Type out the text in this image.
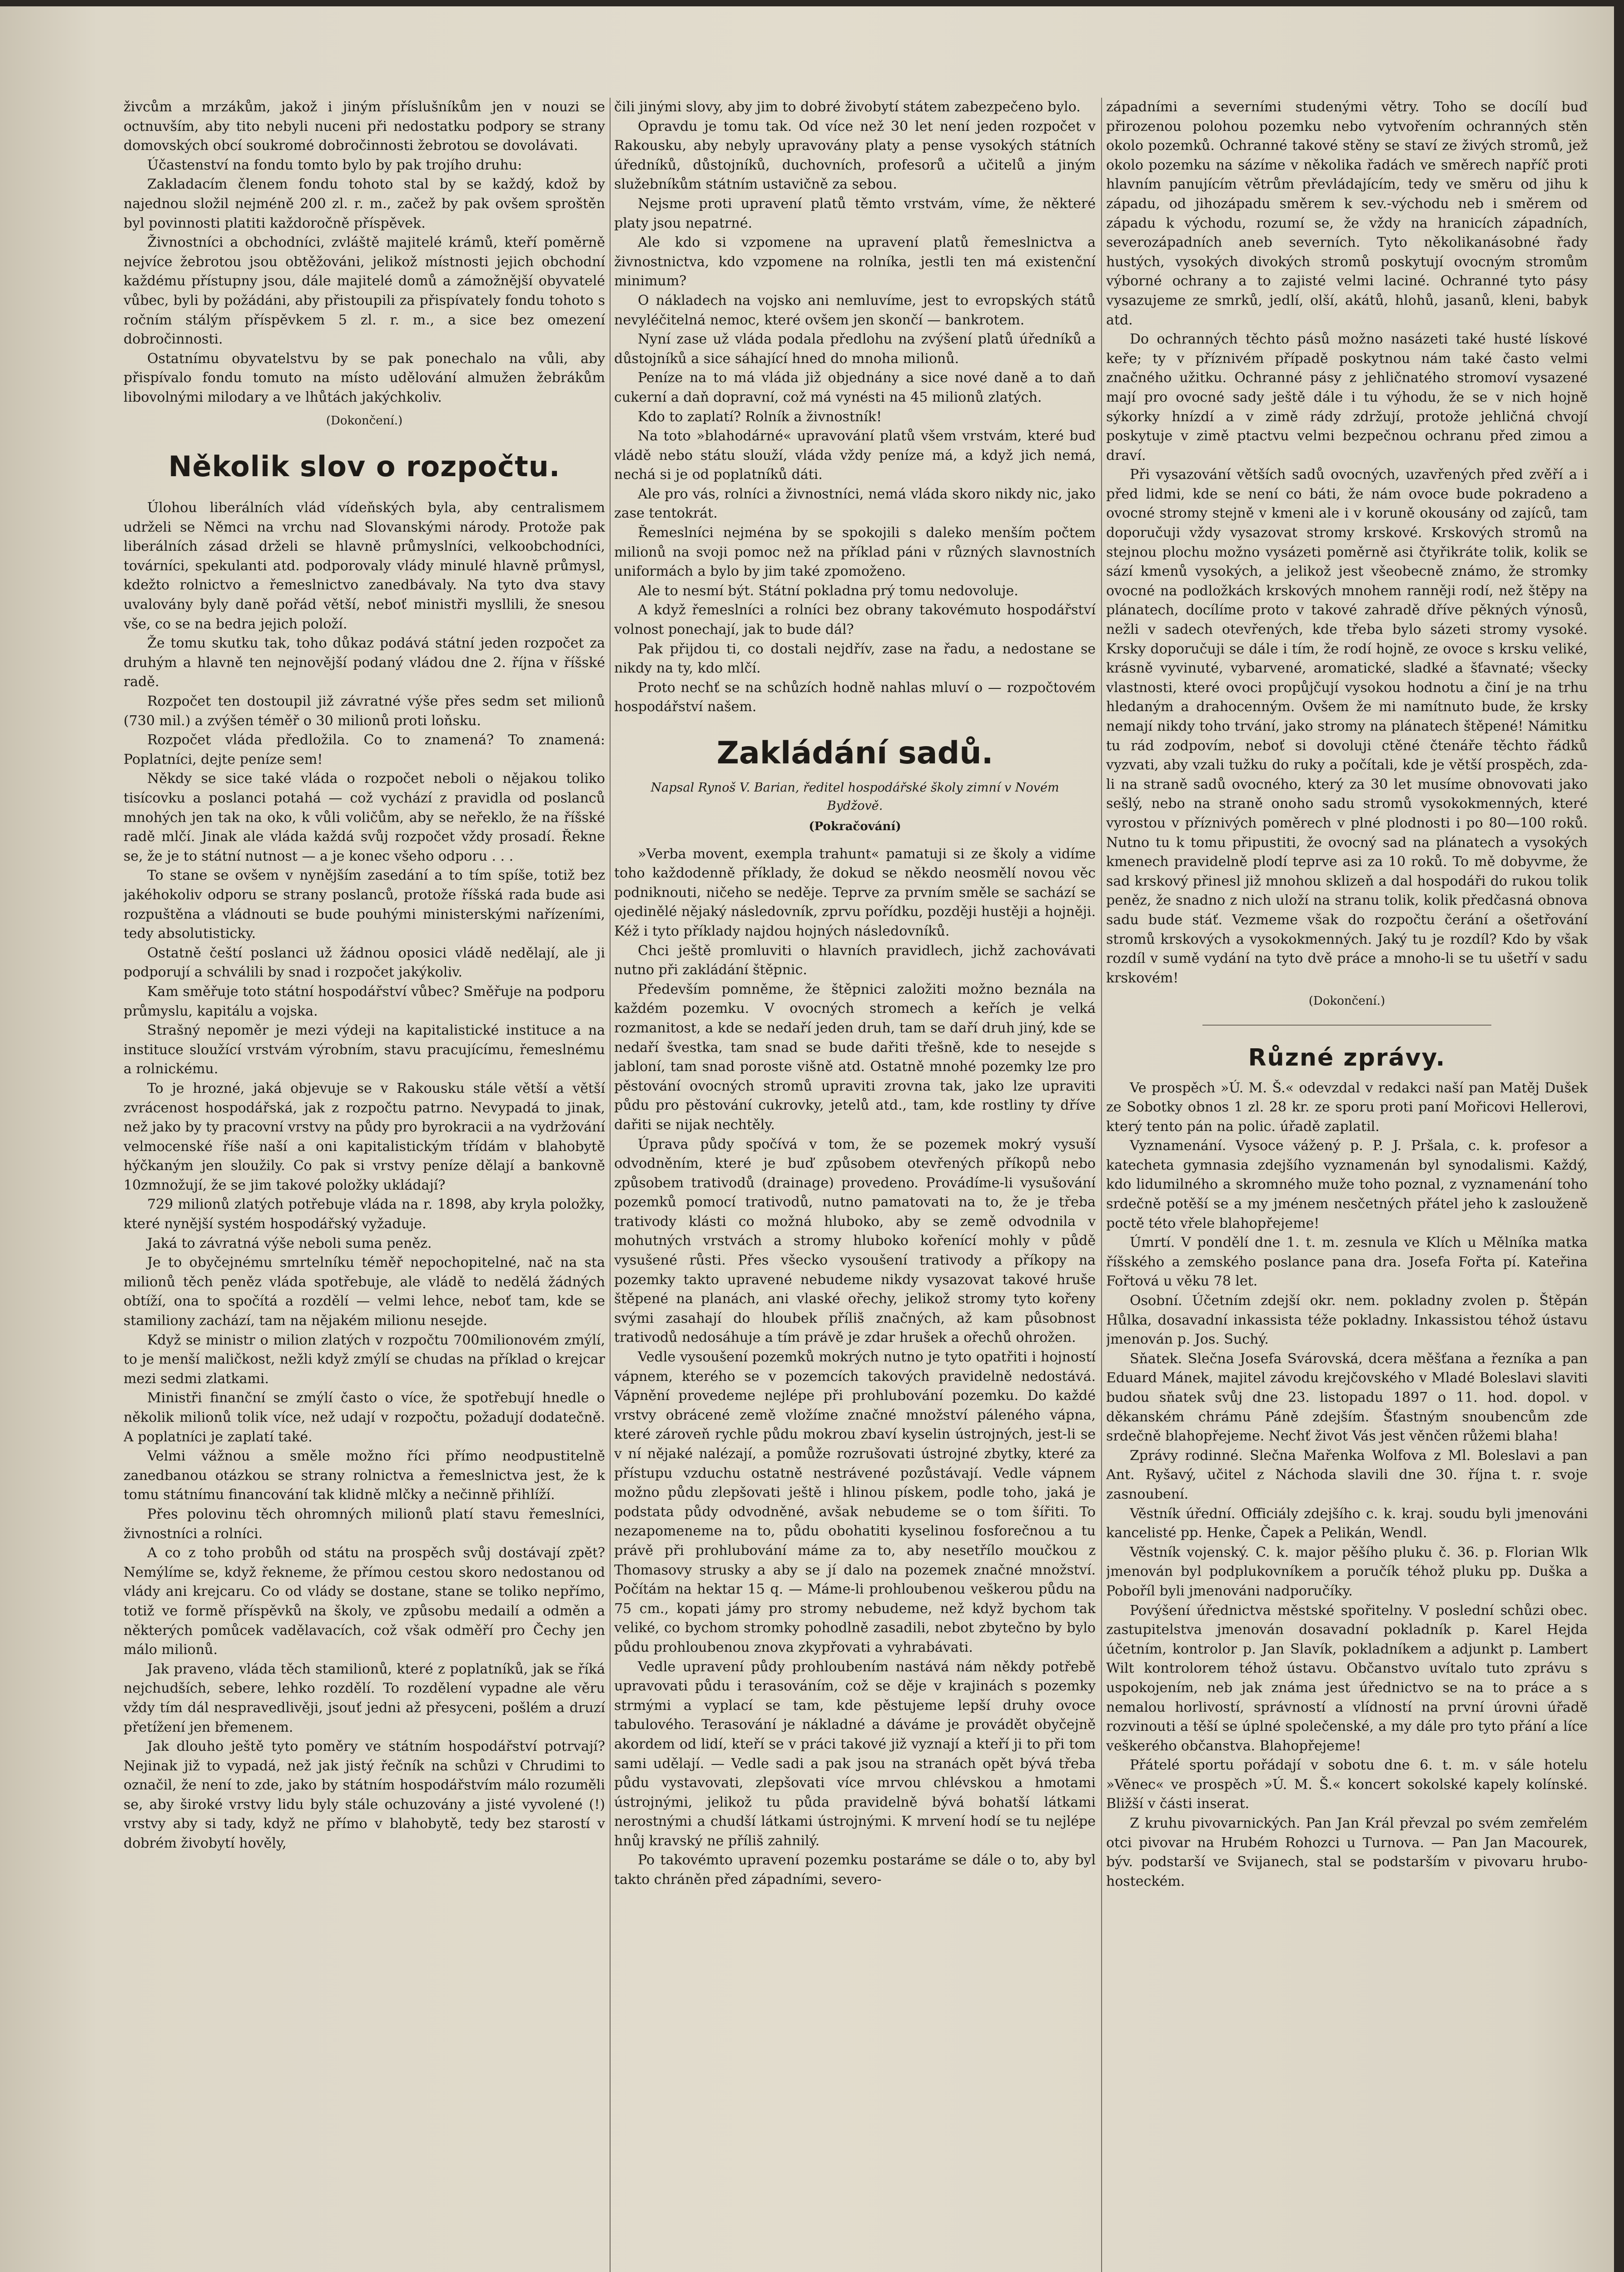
živcům a mrzákům, jakož i jiným příslušníkům jen v nouzi se octnuvším, aby tito nebyli nuceni při nedostatku podpory se strany domovských obcí soukromé dobročinnosti žebrotou se dovolávati.

Účastenství na fondu tomto bylo by pak trojího druhu:

Zakladacím členem fondu tohoto stal by se každý, kdož by najednou složil nejméně 200 zl. r. m., začež by pak ovšem sproštěn byl povinnosti platiti každoročně příspěvek.

Živnostníci a obchodníci, zvláště majitelé krámů, kteří poměrně nejvíce žebrotou jsou obtěžováni, jelikož místnosti jejich obchodní každému přístupny jsou, dále majitelé domů a zámožnější obyvatelé vůbec, byli by požádáni, aby přistoupili za přispívately fondu tohoto s ročním stálým příspěvkem 5 zl. r. m., a sice bez omezení dobročinnosti.

Ostatnímu obyvatelstvu by se pak ponechalo na vůli, aby přispívalo fondu tomuto na místo udělování almužen žebrákům libovolnými milodary a ve lhůtách jakýchkoliv.

(Dokončení.)
Několik slov o rozpočtu.

Úlohou liberálních vlád vídeňských byla, aby centralismem udrželi se Němci na vrchu nad Slovanskými národy. Protože pak liberálních zásad drželi se hlavně průmyslníci, velkoobchodníci, továrníci, spekulanti atd. podporovaly vlády minulé hlavně průmysl, kdežto rolnictvo a řemeslnictvo zanedbávaly. Na tyto dva stavy uvalovány byly daně pořád větší, neboť ministři mysllili, že snesou vše, co se na bedra jejich položí.

Že tomu skutku tak, toho důkaz podává státní jeden rozpočet za druhým a hlavně ten nejnovější podaný vládou dne 2. října v říšské radě.

Rozpočet ten dostoupil již závratné výše přes sedm set milionů (730 mil.) a zvýšen téměř o 30 milionů proti loňsku.

Rozpočet vláda předložila. Co to znamená? To znamená: Poplatníci, dejte peníze sem!

Někdy se sice také vláda o rozpočet neboli o nějakou toliko tisícovku a poslanci potahá — což vychází z pravidla od poslanců mnohých jen tak na oko, k vůli voličům, aby se neřeklo, že na říšské radě mlčí. Jinak ale vláda každá svůj rozpočet vždy prosadí. Řekne se, že je to státní nutnost — a je konec všeho odporu . . .

To stane se ovšem v nynějším zasedání a to tím spíše, totiž bez jakéhokoliv odporu se strany poslanců, protože říšská rada bude asi rozpuštěna a vládnouti se bude pouhými ministerskými nařízeními, tedy absolutisticky.

Ostatně čeští poslanci už žádnou oposici vládě nedělají, ale ji podporují a schválili by snad i rozpočet jakýkoliv.

Kam směřuje toto státní hospodářství vůbec? Směřuje na podporu průmyslu, kapitálu a vojska.

Strašný nepoměr je mezi výdeji na kapitalistické instituce a na instituce sloužící vrstvám výrobním, stavu pracujícímu, řemeslnému a rolnickému.

To je hrozné, jaká objevuje se v Rakousku stále větší a větší zvrácenost hospodářská, jak z rozpočtu patrno. Nevypadá to jinak, než jako by ty pracovní vrstvy na půdy pro byrokracii a na vydržování velmocenské říše naší a oni kapitalistickým třídám v blahobytě hýčkaným jen sloužily. Co pak si vrstvy peníze dělají a bankovně 10zmnožují, že se jim takové položky ukládají?

729 milionů zlatých potřebuje vláda na r. 1898, aby kryla položky, které nynější systém hospodářský vyžaduje.

Jaká to závratná výše neboli suma peněz.

Je to obyčejnému smrtelníku téměř nepochopitelné, nač na sta milionů těch peněz vláda spotřebuje, ale vládě to nedělá žádných obtíží, ona to spočítá a rozdělí — velmi lehce, neboť tam, kde se stamiliony zachází, tam na nějakém milionu nesejde.

Když se ministr o milion zlatých v rozpočtu 700milionovém zmýlí, to je menší maličkost, nežli když zmýlí se chudas na příklad o krejcar mezi sedmi zlatkami.

Ministři finanční se zmýlí často o více, že spotřebují hnedle o několik milionů tolik více, než udají v rozpočtu, požadují dodatečně. A poplatníci je zaplatí také.

Velmi vážnou a směle možno říci přímo neodpustitelně zanedbanou otázkou se strany rolnictva a řemeslnictva jest, že k tomu státnímu financování tak klidně mlčky a nečinně přihlíží.

Přes polovinu těch ohromných milionů platí stavu řemeslníci, živnostníci a rolníci.

A co z toho probůh od státu na prospěch svůj dostávají zpět? Nemýlíme se, když řekneme, že přímou cestou skoro nedostanou od vlády ani krejcaru. Co od vlády se dostane, stane se toliko nepřímo, totiž ve formě příspěvků na školy, ve způsobu medailí a odměn a některých pomůcek vadělavacích, což však odměří pro Čechy jen málo milionů.

Jak praveno, vláda těch stamilionů, které z poplatníků, jak se říká nejchudších, sebere, lehko rozdělí. To rozdělení vypadne ale věru vždy tím dál nespravedlivěji, jsouť jedni až přesyceni, pošlém a druzí přetížení jen břemenem.

Jak dlouho ještě tyto poměry ve státním hospodářství potrvají? Nejinak již to vypadá, než jak jistý řečník na schůzi v Chrudimi to označil, že není to zde, jako by státním hospodářstvím málo rozuměli se, aby široké vrstvy lidu byly stále ochuzovány a jisté vyvolené (!) vrstvy aby si tady, když ne přímo v blahobytě, tedy bez starostí v dobrém živobytí hověly,

čili jinými slovy, aby jim to dobré živobytí státem zabezpečeno bylo.

Opravdu je tomu tak. Od více než 30 let není jeden rozpočet v Rakousku, aby nebyly upravovány platy a pense vysokých státních úředníků, důstojníků, duchovních, profesorů a učitelů a jiným služebníkům státním ustavičně za sebou.

Nejsme proti upravení platů těmto vrstvám, víme, že některé platy jsou nepatrné.

Ale kdo si vzpomene na upravení platů řemeslnictva a živnostnictva, kdo vzpomene na rolníka, jestli ten má existenční minimum?

O nákladech na vojsko ani nemluvíme, jest to evropských států nevyléčitelná nemoc, které ovšem jen skončí — bankrotem.

Nyní zase už vláda podala předlohu na zvýšení platů úředníků a důstojníků a sice sáhající hned do mnoha milionů.

Peníze na to má vláda již objednány a sice nové daně a to daň cukerní a daň dopravní, což má vynésti na 45 milionů zlatých.

Kdo to zaplatí? Rolník a živnostník!

Na toto »blahodárné« upravování platů všem vrstvám, které buď vládě nebo státu slouží, vláda vždy peníze má, a když jich nemá, nechá si je od poplatníků dáti.

Ale pro vás, rolníci a živnostníci, nemá vláda skoro nikdy nic, jako zase tentokrát.

Řemeslníci nejména by se spokojili s daleko menším počtem milionů na svoji pomoc než na příklad páni v různých slavnostních uniformách a bylo by jim také zpomoženo.

Ale to nesmí být. Státní pokladna prý tomu nedovoluje.

A když řemeslníci a rolníci bez obrany takovémuto hospodářství volnost ponechají, jak to bude dál?

Pak přijdou ti, co dostali nejdřív, zase na řadu, a nedostane se nikdy na ty, kdo mlčí.

Proto nechť se na schůzích hodně nahlas mluví o — rozpočtovém hospodářství našem.

Zakládání sadů.
Napsal Rynoš V. Barian, ředitel hospodářské školy zimní v Novém Bydžově.
(Pokračování)

»Verba movent, exempla trahunt« pamatuji si ze školy a vidíme toho každodenně příklady, že dokud se někdo neosmělí novou věc podniknouti, ničeho se neděje. Teprve za prvním směle se sachází se ojedinělé nějaký následovník, zprvu pořídku, později hustěji a hojněji. Kéž i tyto příklady najdou hojných následovníků.

Chci ještě promluviti o hlavních pravidlech, jichž zachovávati nutno při zakládání štěpnic.

Především pomněme, že štěpnici založiti možno beznála na každém pozemku. V ovocných stromech a keřích je velká rozmanitost, a kde se nedaří jeden druh, tam se daří druh jiný, kde se nedaří švestka, tam snad se bude dařiti třešně, kde to nesejde s jabloní, tam snad poroste višně atd. Ostatně mnohé pozemky lze pro pěstování ovocných stromů upraviti zrovna tak, jako lze upraviti půdu pro pěstování cukrovky, jetelů atd., tam, kde rostliny ty dříve dařiti se nijak nechtěly.

Úprava půdy spočívá v tom, že se pozemek mokrý vysuší odvodněním, které je buď způsobem otevřených příkopů nebo způsobem trativodů (drainage) provedeno. Provádíme-li vysušování pozemků pomocí trativodů, nutno pamatovati na to, že je třeba trativody klásti co možná hluboko, aby se země odvodnila v mohutných vrstvách a stromy hluboko kořenící mohly v půdě vysušené růsti. Přes všecko vysoušení trativody a příkopy na pozemky takto upravené nebudeme nikdy vysazovat takové hruše štěpené na planách, ani vlaské ořechy, jelikož stromy tyto kořeny svými zasahají do hloubek příliš značných, až kam působnost trativodů nedosáhuje a tím právě je zdar hrušek a ořechů ohrožen.

Vedle vysoušení pozemků mokrých nutno je tyto opatřiti i hojností vápnem, kterého se v pozemcích takových pravidelně nedostává. Vápnění provedeme nejlépe při prohlubování pozemku. Do každé vrstvy obrácené země vložíme značné množství páleného vápna, které zároveň rychle půdu mokrou zbaví kyselin ústrojných, jest-li se v ní nějaké nalézají, a pomůže rozrušovati ústrojné zbytky, které za přístupu vzduchu ostatně nestrávené pozůstávají. Vedle vápnem možno půdu zlepšovati ještě i hlinou pískem, podle toho, jaká je podstata půdy odvodněné, avšak nebudeme se o tom šířiti. To nezapomeneme na to, půdu obohatiti kyselinou fosforečnou a tu právě při prohlubování máme za to, aby nesetřílo moučkou z Thomasovy strusky a aby se jí dalo na pozemek značné množství. Počítám na hektar 15 q. — Máme-li prohloubenou veškerou půdu na 75 cm., kopati jámy pro stromy nebudeme, než když bychom tak veliké, co bychom stromky pohodlně zasadili, nebot zbytečno by bylo půdu prohloubenou znova zkypřovati a vyhrabávati.

Vedle upravení půdy prohloubením nastává nám někdy potřebě upravovati půdu i terasováním, což se děje v krajinách s pozemky strmými a vyplací se tam, kde pěstujeme lepší druhy ovoce tabulového. Terasování je nákladné a dáváme je provádět obyčejně akordem od lidí, kteří se v práci takové již vyznají a kteří ji to při tom sami udělají. — Vedle sadi a pak jsou na stranách opět bývá třeba půdu vystavovati, zlepšovati více mrvou chlévskou a hmotami ústrojnými, jelikož tu půda pravidelně bývá bohatší látkami nerostnými a chudší látkami ústrojnými. K mrvení hodí se tu nejlépe hnůj kravský ne příliš zahnilý.

Po takovémto upravení pozemku postaráme se dále o to, aby byl takto chráněn před západními, severo-

západními a severními studenými větry. Toho se docílí buď přirozenou polohou pozemku nebo vytvořením ochranných stěn okolo pozemků. Ochranné takové stěny se staví ze živých stromů, jež okolo pozemku na sázíme v několika řadách ve směrech napříč proti hlavním panujícím větrům převládajícím, tedy ve směru od jihu k západu, od jihozápadu směrem k sev.-východu neb i směrem od západu k východu, rozumí se, že vždy na hranicích západních, severozápadních aneb severních. Tyto několikanásobné řady hustých, vysokých divokých stromů poskytují ovocným stromům výborné ochrany a to zajisté velmi laciné. Ochranné tyto pásy vysazujeme ze smrků, jedlí, olší, akátů, hlohů, jasanů, kleni, babyk atd.

Do ochranných těchto pásů možno nasázeti také husté lískové keře; ty v příznivém případě poskytnou nám také často velmi značného užitku. Ochranné pásy z jehličnatého stromoví vysazené mají pro ovocné sady ještě dále i tu výhodu, že se v nich hojně sýkorky hnízdí a v zimě rády zdržují, protože jehličná chvojí poskytuje v zimě ptactvu velmi bezpečnou ochranu před zimou a draví.

Při vysazování větších sadů ovocných, uzavřených před zvěří a i před lidmi, kde se není co báti, že nám ovoce bude pokradeno a ovocné stromy stejně v kmeni ale i v koruně okousány od zajíců, tam doporučuji vždy vysazovat stromy krskové. Krskových stromů na stejnou plochu možno vysázeti poměrně asi čtyřikráte tolik, kolik se sází kmenů vysokých, a jelikož jest všeobecně známo, že stromky ovocné na podložkách krskových mnohem ranněji rodí, než štěpy na plánatech, docílíme proto v takové zahradě dříve pěkných výnosů, nežli v sadech otevřených, kde třeba bylo sázeti stromy vysoké. Krsky doporučuji se dále i tím, že rodí hojně, ze ovoce s krsku veliké, krásně vyvinuté, vybarvené, aromatické, sladké a šťavnaté; všecky vlastnosti, které ovoci propůjčují vysokou hodnotu a činí je na trhu hledaným a drahocenným. Ovšem že mi namítnuto bude, že krsky nemají nikdy toho trvání, jako stromy na plánatech štěpené! Námitku tu rád zodpovím, neboť si dovoluji ctěné čtenáře těchto řádků vyzvati, aby vzali tužku do ruky a počítali, kde je větší prospěch, zda-li na straně sadů ovocného, který za 30 let musíme obnovovati jako sešlý, nebo na straně onoho sadu stromů vysokokmenných, které vyrostou v příznivých poměrech v plné plodnosti i po 80—100 roků. Nutno tu k tomu připustiti, že ovocný sad na plánatech a vysokých kmenech pravidelně plodí teprve asi za 10 roků. To mě dobyvme, že sad krskový přinesl již mnohou sklizeň a dal hospodáři do rukou tolik peněz, že snadno z nich uloží na stranu tolik, kolik předčasná obnova sadu bude stáť. Vezmeme však do rozpočtu čerání a ošetřování stromů krskových a vysokokmenných. Jaký tu je rozdíl? Kdo by však rozdíl v sumě vydání na tyto dvě práce a mnoho-li se tu ušetří v sadu krskovém!

(Dokončení.)
Různé zprávy.

Ve prospěch »Ú. M. Š.« odevzdal v redakci naší pan Matěj Dušek ze Sobotky obnos 1 zl. 28 kr. ze sporu proti paní Mořicovi Hellerovi, který tento pán na polic. úřadě zaplatil.

Vyznamenání. Vysoce vážený p. P. J. Pršala, c. k. profesor a katecheta gymnasia zdejšího vyznamenán byl synodalismi. Každý, kdo lidumilného a skromného muže toho poznal, z vyznamenání toho srdečně potěší se a my jménem nesčetných přátel jeho k zaslouženě poctě této vřele blahopřejeme!

Úmrtí. V pondělí dne 1. t. m. zesnula ve Klích u Mělníka matka říšského a zemského poslance pana dra. Josefa Fořta pí. Kateřina Fořtová u věku 78 let.

Osobní. Účetním zdejší okr. nem. pokladny zvolen p. Štěpán Hůlka, dosavadní inkassista téže pokladny. Inkassistou téhož ústavu jmenován p. Jos. Suchý.

Sňatek. Slečna Josefa Svárovská, dcera měšťana a řezníka a pan Eduard Mánek, majitel závodu krejčovského v Mladé Boleslavi slaviti budou sňatek svůj dne 23. listopadu 1897 o 11. hod. dopol. v děkanském chrámu Páně zdejším. Šťastným snoubencům zde srdečně blahopřejeme. Nechť život Vás jest věnčen růžemi blaha!

Zprávy rodinné. Slečna Mařenka Wolfova z Ml. Boleslavi a pan Ant. Ryšavý, učitel z Náchoda slavili dne 30. října t. r. svoje zasnoubení.

Věstník úřední. Officiály zdejšího c. k. kraj. soudu byli jmenováni kancelisté pp. Henke, Čapek a Pelikán, Wendl.

Věstník vojenský. C. k. major pěšího pluku č. 36. p. Florian Wlk jmenován byl podplukovníkem a poručík téhož pluku pp. Duška a Poboříl byli jmenováni nadporučíky.

Povýšení úřednictva městské spořitelny. V poslední schůzi obec. zastupitelstva jmenován dosavadní pokladník p. Karel Hejda účetním, kontrolor p. Jan Slavík, pokladníkem a adjunkt p. Lambert Wilt kontrolorem téhož ústavu. Občanstvo uvítalo tuto zprávu s uspokojením, neb jak známa jest úřednictvo se na to práce a s nemalou horlivostí, správností a vlídností na první úrovni úřadě rozvinouti a těší se úplné společenské, a my dále pro tyto přání a líce veškerého občanstva. Blahopřejeme!

Přátelé sportu pořádají v sobotu dne 6. t. m. v sále hotelu »Věnec« ve prospěch »Ú. M. Š.« koncert sokolské kapely kolínské. Bližší v části inserat.

Z kruhu pivovarnických. Pan Jan Král převzal po svém zemřelém otci pivovar na Hrubém Rohozci u Turnova. — Pan Jan Macourek, býv. podstarší ve Svijanech, stal se podstarším v pivovaru hrubo-hosteckém.
